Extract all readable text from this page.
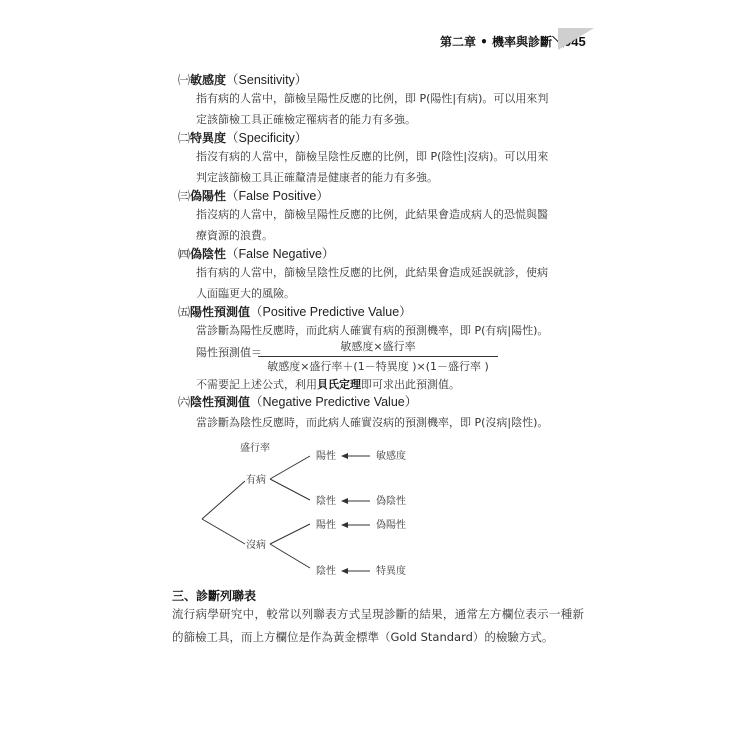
第二章 • 機率與診斷＼045
㈠敏感度（Sensitivity）
指有病的人當中，篩檢呈陽性反應的比例，即 P(陽性|有病)。可以用來判
定該篩檢工具正確檢定罹病者的能力有多強。
㈡特異度（Specificity）
指沒有病的人當中，篩檢呈陰性反應的比例，即 P(陰性|沒病)。可以用來
判定該篩檢工具正確釐清是健康者的能力有多強。
㈢偽陽性（False Positive）
指沒病的人當中，篩檢呈陽性反應的比例，此結果會造成病人的恐慌與醫
療資源的浪費。
㈣偽陰性（False Negative）
指有病的人當中，篩檢呈陰性反應的比例，此結果會造成延誤就診，使病
人面臨更大的風險。
㈤陽性預測值（Positive Predictive Value）
當診斷為陽性反應時，而此病人確實有病的預測機率，即 P(有病|陽性)。
陽性預測值＝	敏感度×盛行率
敏感度×盛行率＋(1－特異度 )×(1－盛行率 )
不需要記上述公式，利用貝氏定理即可求出此預測值。
㈥陰性預測值（Negative Predictive Value）
當診斷為陰性反應時，而此病人確實沒病的預測機率，即 P(沒病|陰性)。
盛行率
有病
沒病
陽性	敏感度
陰性	偽陰性
陽性	偽陽性
陰性	特異度
三、診斷列聯表
流行病學研究中，較常以列聯表方式呈現診斷的結果，通常左方欄位表示一種新的篩檢工具，而上方欄位是作為黃金標準（Gold Standard）的檢驗方式。
